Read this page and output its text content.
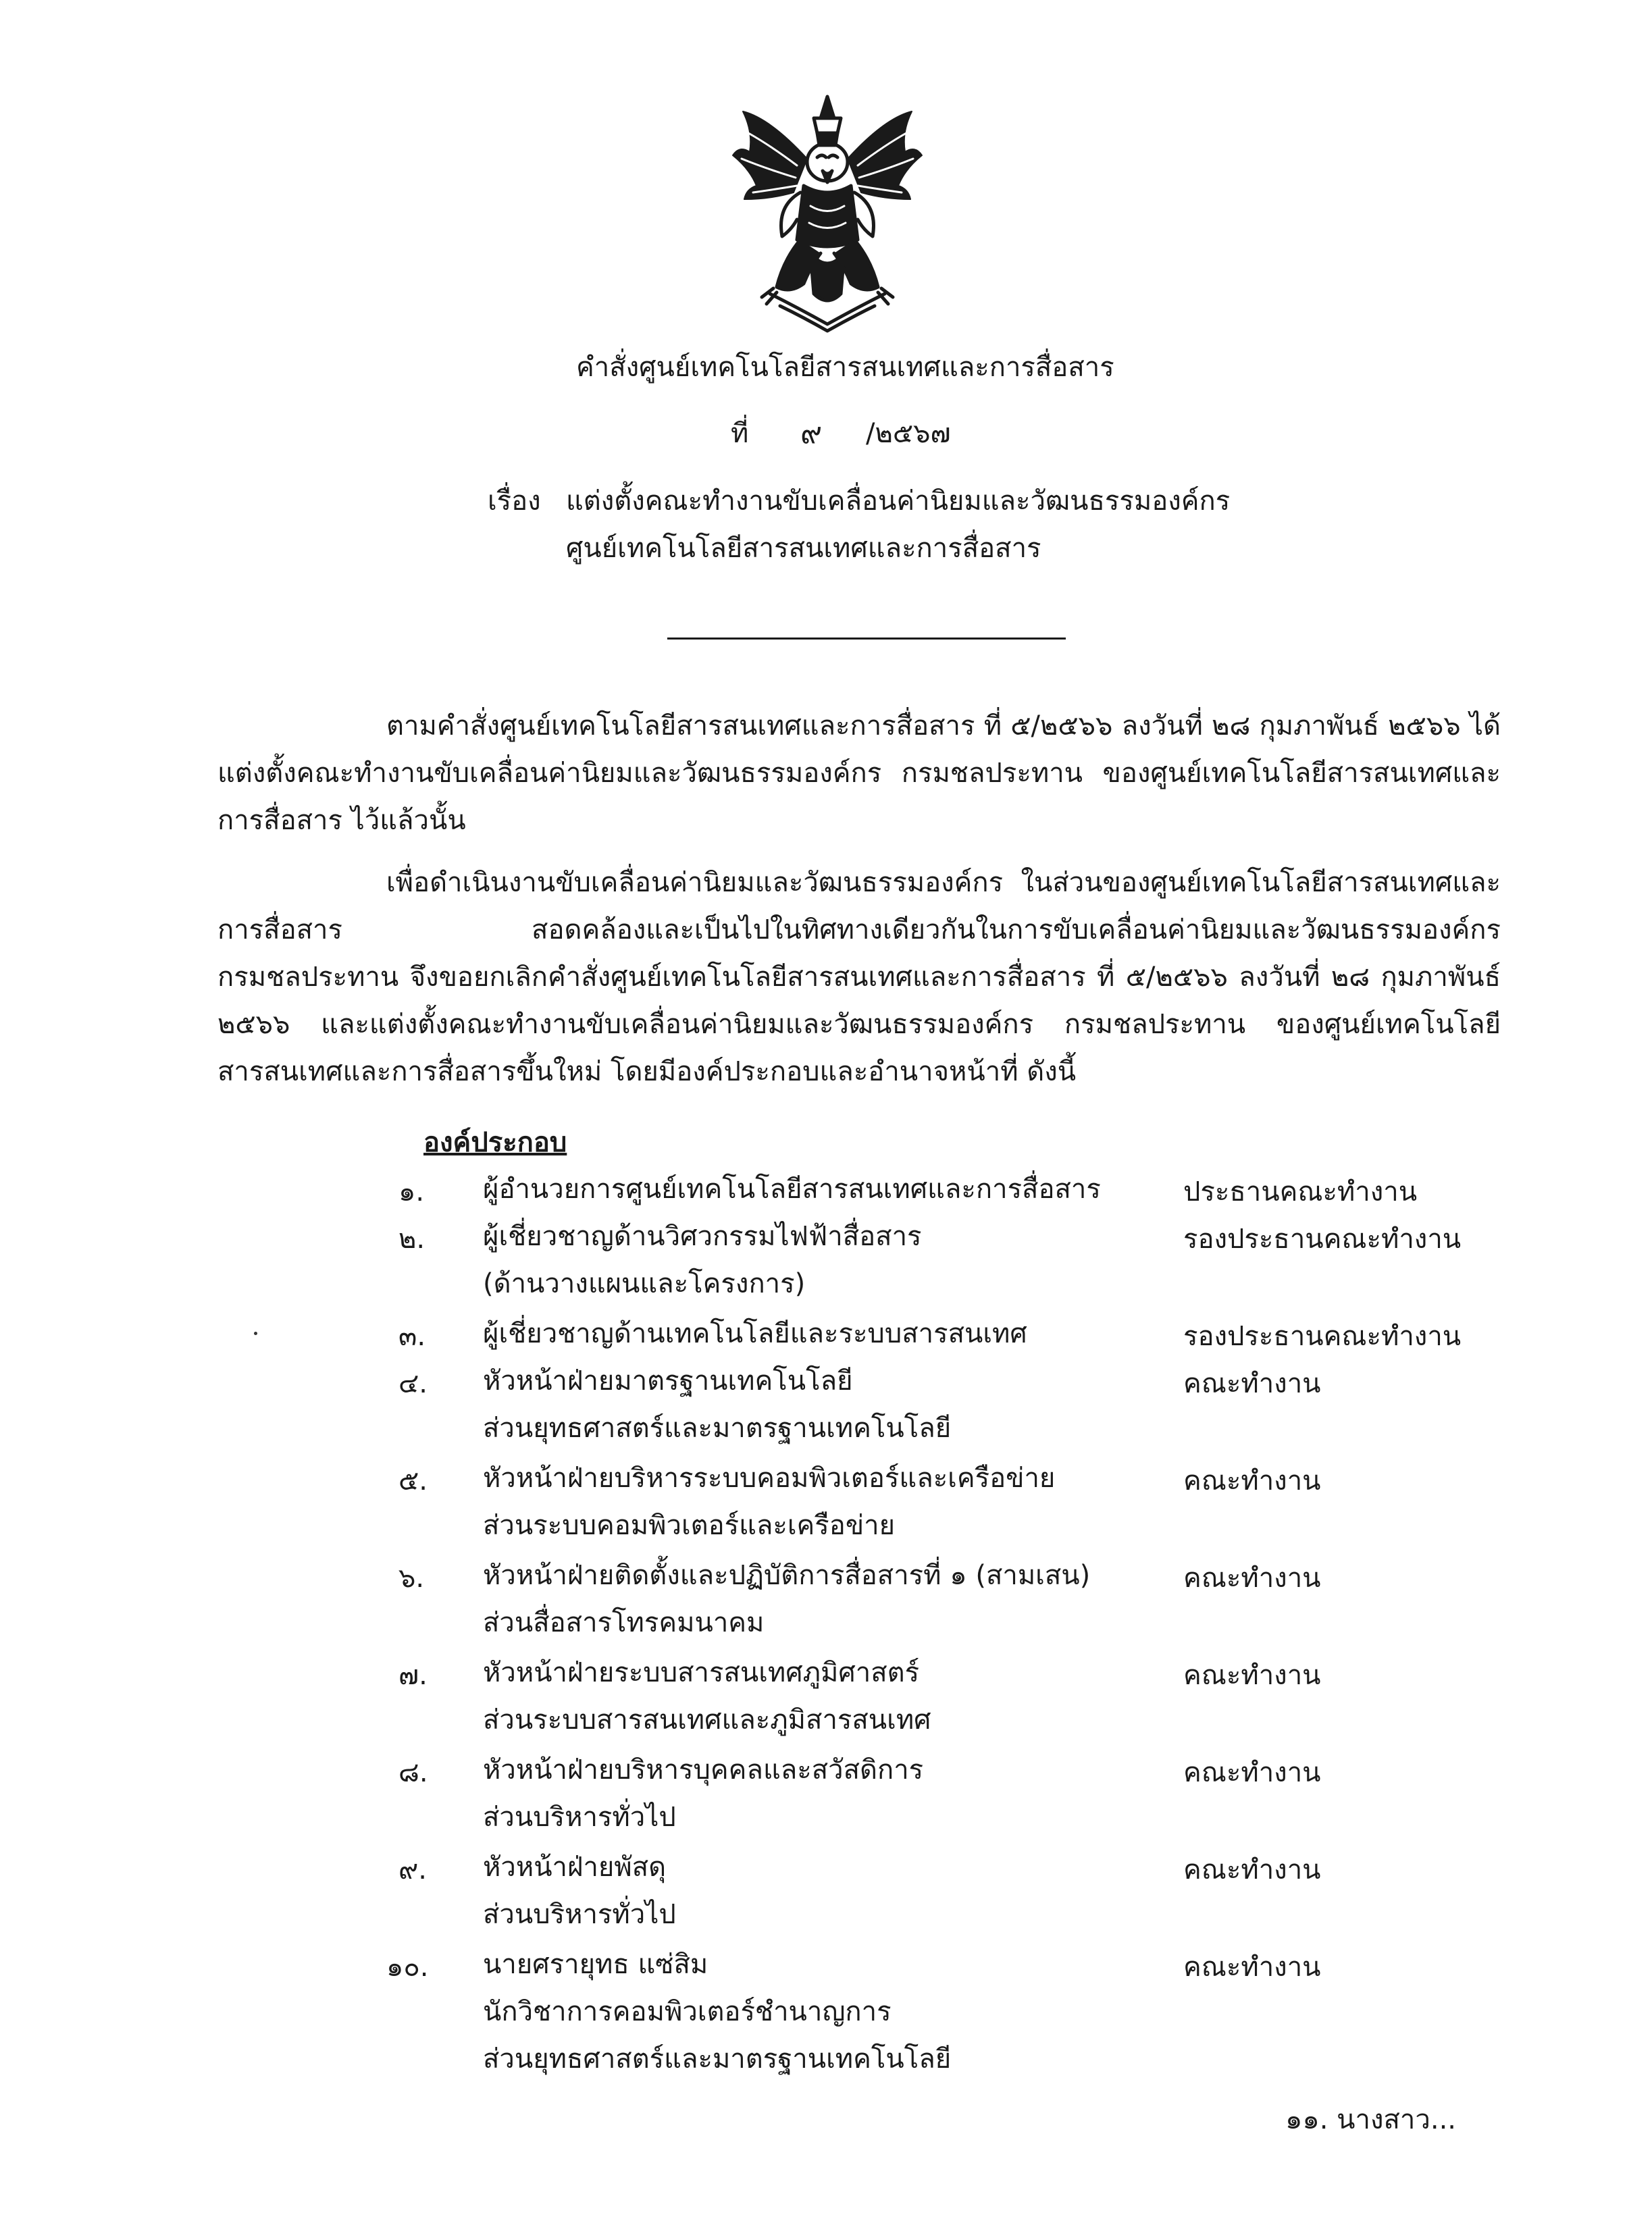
คำสั่งศูนย์เทคโนโลยีสารสนเทศและการสื่อสาร
ที่ ๙ /๒๕๖๗
เรื่อง แต่งตั้งคณะทำงานขับเคลื่อนค่านิยมและวัฒนธรรมองค์กร
ศูนย์เทคโนโลยีสารสนเทศและการสื่อสาร
ตามคำสั่งศูนย์เทคโนโลยีสารสนเทศและการสื่อสาร ที่ ๕/๒๕๖๖ ลงวันที่ ๒๘ กุมภาพันธ์ ๒๕๖๖ ได้แต่งตั้งคณะทำงานขับเคลื่อนค่านิยมและวัฒนธรรมองค์กร กรมชลประทาน ของศูนย์เทคโนโลยีสารสนเทศและการสื่อสาร ไว้แล้วนั้น
เพื่อดำเนินงานขับเคลื่อนค่านิยมและวัฒนธรรมองค์กร ในส่วนของศูนย์เทคโนโลยีสารสนเทศและการสื่อสาร สอดคล้องและเป็นไปในทิศทางเดียวกันในการขับเคลื่อนค่านิยมและวัฒนธรรมองค์กร กรมชลประทาน จึงขอยกเลิกคำสั่งศูนย์เทคโนโลยีสารสนเทศและการสื่อสาร ที่ ๕/๒๕๖๖ ลงวันที่ ๒๘ กุมภาพันธ์ ๒๕๖๖ และแต่งตั้งคณะทำงานขับเคลื่อนค่านิยมและวัฒนธรรมองค์กร กรมชลประทาน ของศูนย์เทคโนโลยีสารสนเทศและการสื่อสารขึ้นใหม่ โดยมีองค์ประกอบและอำนาจหน้าที่ ดังนี้
องค์ประกอบ
๑. ผู้อำนวยการศูนย์เทคโนโลยีสารสนเทศและการสื่อสาร	ประธานคณะทำงาน
๒. ผู้เชี่ยวชาญด้านวิศวกรรมไฟฟ้าสื่อสาร
(ด้านวางแผนและโครงการ)
รองประธานคณะทำงาน
๓. ผู้เชี่ยวชาญด้านเทคโนโลยีและระบบสารสนเทศ	รองประธานคณะทำงาน
๔. หัวหน้าฝ่ายมาตรฐานเทคโนโลยี
ส่วนยุทธศาสตร์และมาตรฐานเทคโนโลยี
คณะทำงาน
๕. หัวหน้าฝ่ายบริหารระบบคอมพิวเตอร์และเครือข่าย
ส่วนระบบคอมพิวเตอร์และเครือข่าย
คณะทำงาน
๖. หัวหน้าฝ่ายติดตั้งและปฏิบัติการสื่อสารที่ ๑ (สามเสน)
ส่วนสื่อสารโทรคมนาคม
คณะทำงาน
๗. หัวหน้าฝ่ายระบบสารสนเทศภูมิศาสตร์
ส่วนระบบสารสนเทศและภูมิสารสนเทศ
คณะทำงาน
๘. หัวหน้าฝ่ายบริหารบุคคลและสวัสดิการ
ส่วนบริหารทั่วไป
คณะทำงาน
๙. หัวหน้าฝ่ายพัสดุ
ส่วนบริหารทั่วไป
คณะทำงาน
๑๐. นายศรายุทธ แซ่สิม
นักวิชาการคอมพิวเตอร์ชำนาญการ
ส่วนยุทธศาสตร์และมาตรฐานเทคโนโลยี
คณะทำงาน
๑๑. นางสาว...
